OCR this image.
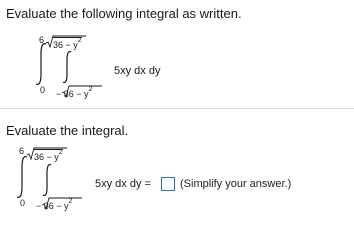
Evaluate the following integral as written.
6
0
$36 - y^2$
− $36 - y^2$
5xy dx dy
Evaluate the integral.
6
0
$36 - y^2$
− $36 - y^2$
5xy dx dy =	(Simplify your answer.)
